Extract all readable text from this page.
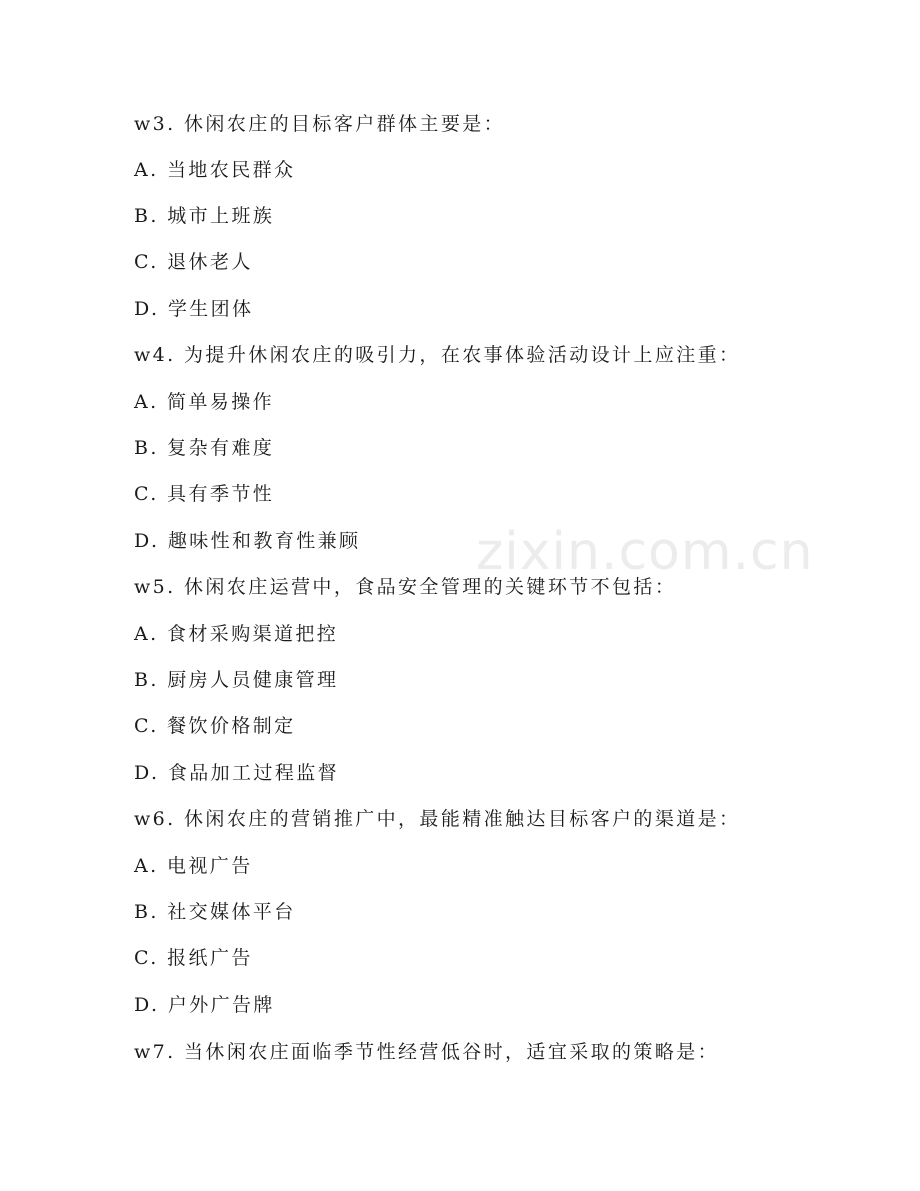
zixin.com.cn
w3. 休闲农庄的目标客户群体主要是：
A. 当地农民群众
B. 城市上班族
C. 退休老人
D. 学生团体
w4. 为提升休闲农庄的吸引力，在农事体验活动设计上应注重：
A. 简单易操作
B. 复杂有难度
C. 具有季节性
D. 趣味性和教育性兼顾
w5. 休闲农庄运营中，食品安全管理的关键环节不包括：
A. 食材采购渠道把控
B. 厨房人员健康管理
C. 餐饮价格制定
D. 食品加工过程监督
w6. 休闲农庄的营销推广中，最能精准触达目标客户的渠道是：
A. 电视广告
B. 社交媒体平台
C. 报纸广告
D. 户外广告牌
w7. 当休闲农庄面临季节性经营低谷时，适宜采取的策略是：
